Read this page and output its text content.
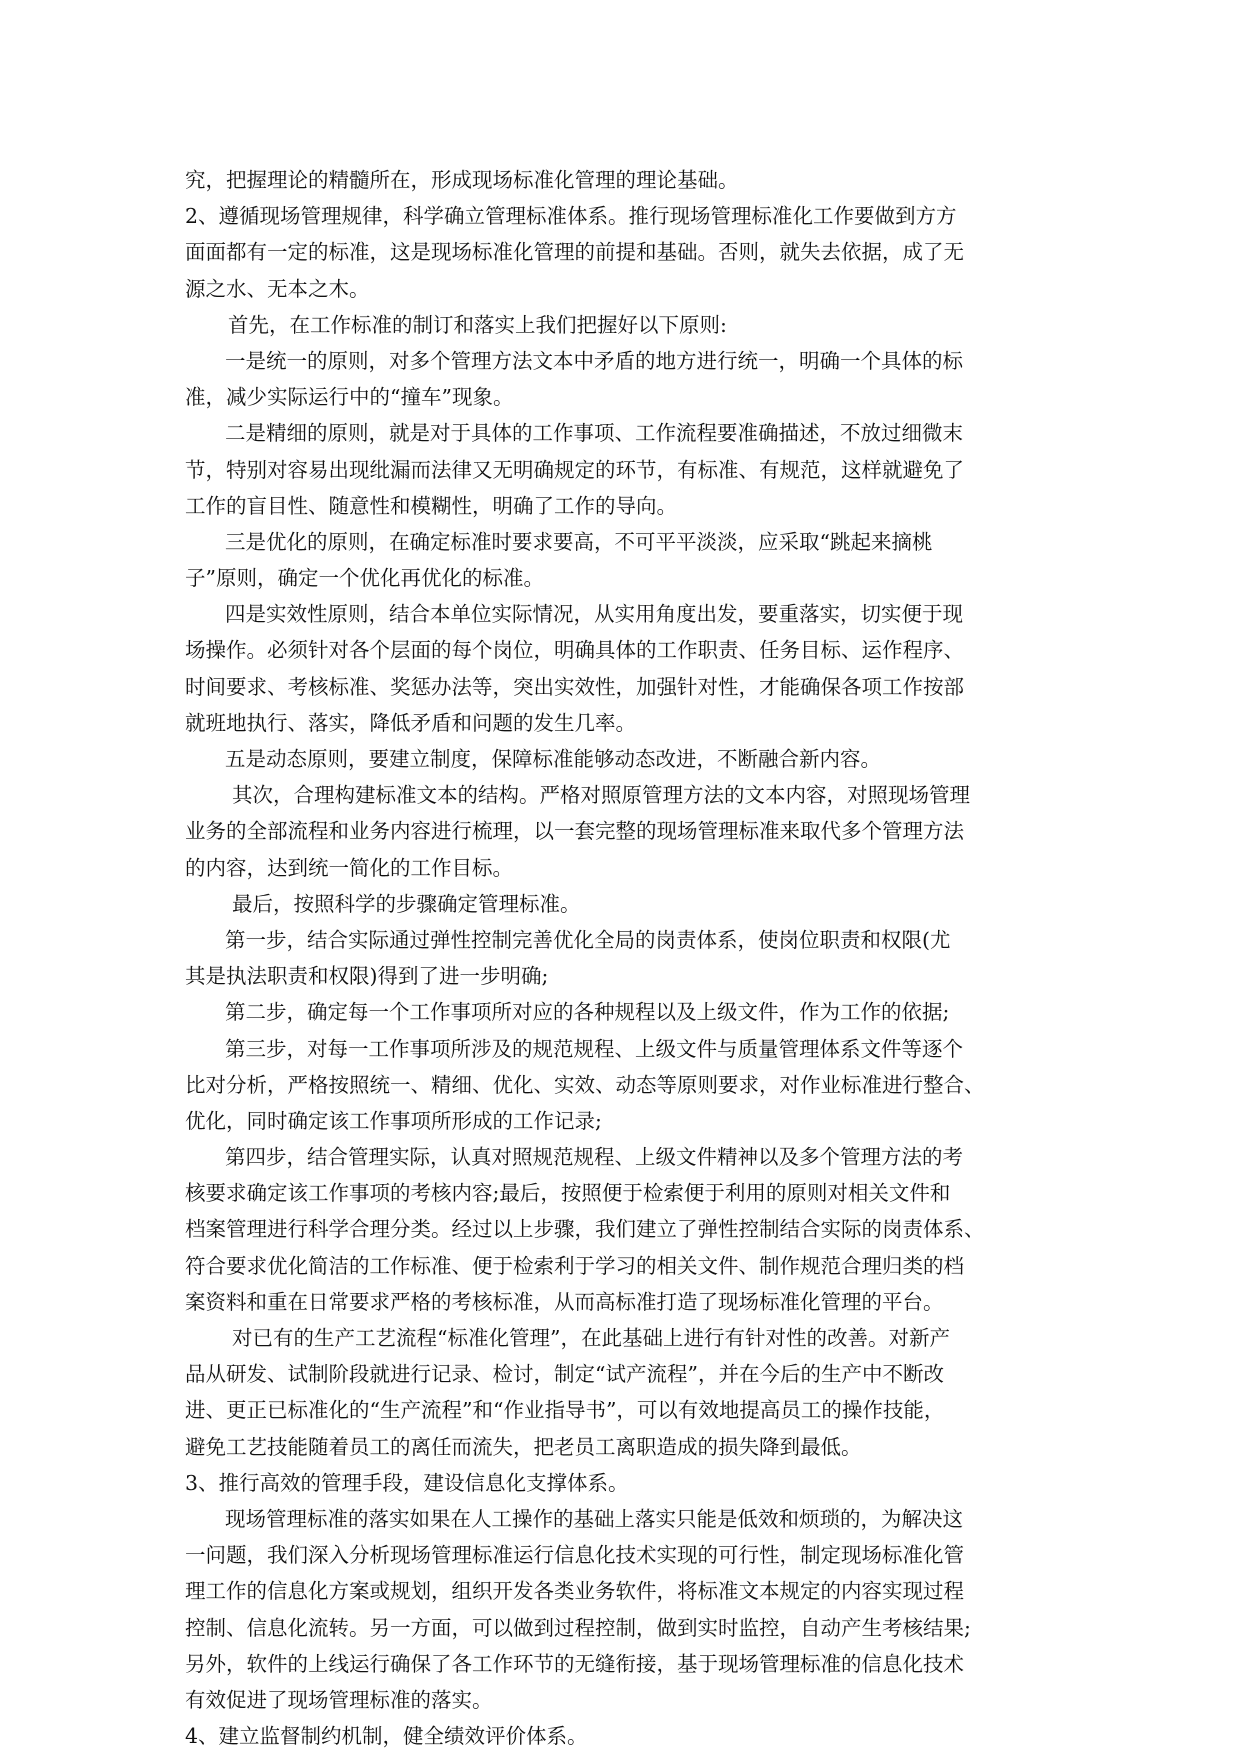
究，把握理论的精髓所在，形成现场标准化管理的理论基础。
2、遵循现场管理规律，科学确立管理标准体系。推行现场管理标准化工作要做到方方
面面都有一定的标准，这是现场标准化管理的前提和基础。否则，就失去依据，成了无
源之水、无本之木。
首先，在工作标准的制订和落实上我们把握好以下原则:
一是统一的原则，对多个管理方法文本中矛盾的地方进行统一，明确一个具体的标
准，减少实际运行中的“撞车”现象。
二是精细的原则，就是对于具体的工作事项、工作流程要准确描述，不放过细微末
节，特别对容易出现纰漏而法律又无明确规定的环节，有标准、有规范，这样就避免了
工作的盲目性、随意性和模糊性，明确了工作的导向。
三是优化的原则，在确定标准时要求要高，不可平平淡淡，应采取“跳起来摘桃
子”原则，确定一个优化再优化的标准。
四是实效性原则，结合本单位实际情况，从实用角度出发，要重落实，切实便于现
场操作。必须针对各个层面的每个岗位，明确具体的工作职责、任务目标、运作程序、
时间要求、考核标准、奖惩办法等，突出实效性，加强针对性，才能确保各项工作按部
就班地执行、落实，降低矛盾和问题的发生几率。
五是动态原则，要建立制度，保障标准能够动态改进，不断融合新内容。
其次，合理构建标准文本的结构。严格对照原管理方法的文本内容，对照现场管理
业务的全部流程和业务内容进行梳理，以一套完整的现场管理标准来取代多个管理方法
的内容，达到统一简化的工作目标。
最后，按照科学的步骤确定管理标准。
第一步，结合实际通过弹性控制完善优化全局的岗责体系，使岗位职责和权限(尤
其是执法职责和权限)得到了进一步明确;
第二步，确定每一个工作事项所对应的各种规程以及上级文件，作为工作的依据;
第三步，对每一工作事项所涉及的规范规程、上级文件与质量管理体系文件等逐个
比对分析，严格按照统一、精细、优化、实效、动态等原则要求，对作业标准进行整合、
优化，同时确定该工作事项所形成的工作记录;
第四步，结合管理实际，认真对照规范规程、上级文件精神以及多个管理方法的考
核要求确定该工作事项的考核内容;最后，按照便于检索便于利用的原则对相关文件和
档案管理进行科学合理分类。经过以上步骤，我们建立了弹性控制结合实际的岗责体系、
符合要求优化简洁的工作标准、便于检索利于学习的相关文件、制作规范合理归类的档
案资料和重在日常要求严格的考核标准，从而高标准打造了现场标准化管理的平台。
对已有的生产工艺流程“标准化管理”，在此基础上进行有针对性的改善。对新产
品从研发、试制阶段就进行记录、检讨，制定“试产流程”，并在今后的生产中不断改
进、更正已标准化的“生产流程”和“作业指导书”，可以有效地提高员工的操作技能，
避免工艺技能随着员工的离任而流失，把老员工离职造成的损失降到最低。
3、推行高效的管理手段，建设信息化支撑体系。
现场管理标准的落实如果在人工操作的基础上落实只能是低效和烦琐的，为解决这
一问题，我们深入分析现场管理标准运行信息化技术实现的可行性，制定现场标准化管
理工作的信息化方案或规划，组织开发各类业务软件，将标准文本规定的内容实现过程
控制、信息化流转。另一方面，可以做到过程控制，做到实时监控，自动产生考核结果;
另外，软件的上线运行确保了各工作环节的无缝衔接，基于现场管理标准的信息化技术
有效促进了现场管理标准的落实。
4、建立监督制约机制，健全绩效评价体系。
